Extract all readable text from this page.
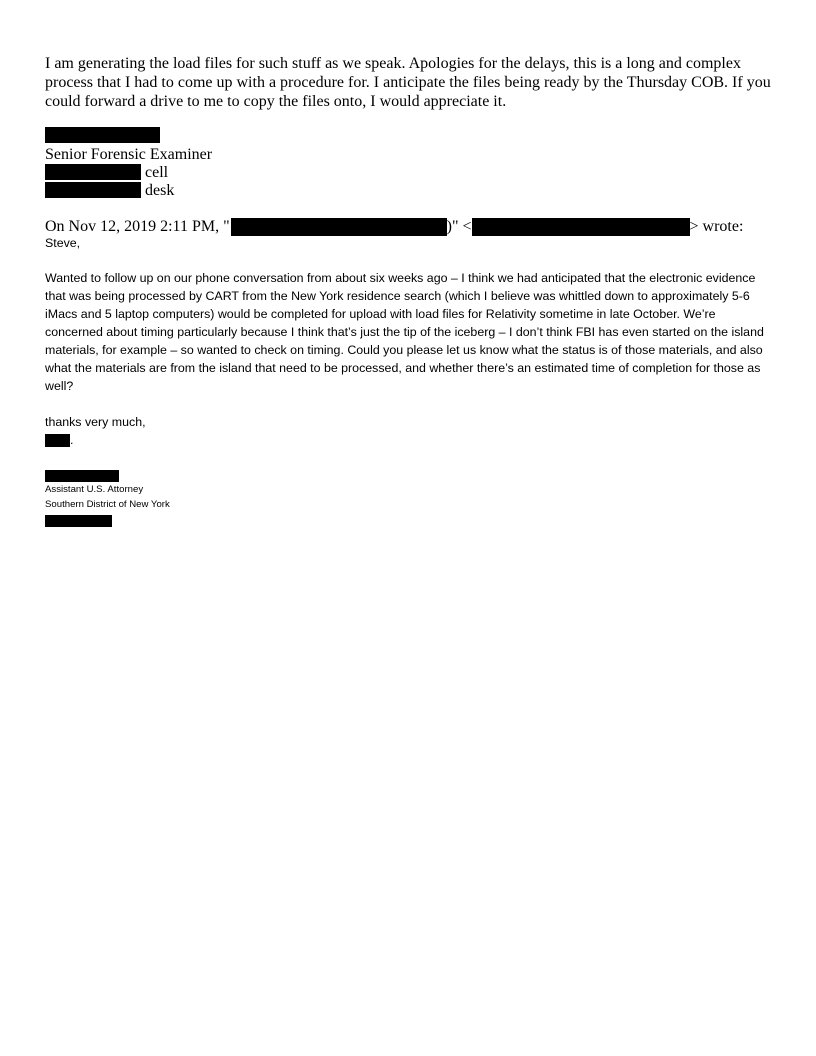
I am generating the load files for such stuff as we speak. Apologies for the delays, this is a long and complex process that I had to come up with a procedure for. I anticipate the files being ready by the Thursday COB. If you could forward a drive to me to copy the files onto, I would appreciate it.

Senior Forensic Examiner
cell
desk
On Nov 12, 2019 2:11 PM, "	)" <	> wrote:
Steve,

Wanted to follow up on our phone conversation from about six weeks ago – I think we had anticipated that the electronic evidence that was being processed by CART from the New York residence search (which I believe was whittled down to approximately 5-6 iMacs and 5 laptop computers) would be completed for upload with load files for Relativity sometime in late October. We’re concerned about timing particularly because I think that’s just the tip of the iceberg – I don’t think FBI has even started on the island materials, for example – so wanted to check on timing. Could you please let us know what the status is of those materials, and also what the materials are from the island that need to be processed, and whether there’s an estimated time of completion for those as well?

thanks very much,
.
Assistant U.S. Attorney
Southern District of New York
